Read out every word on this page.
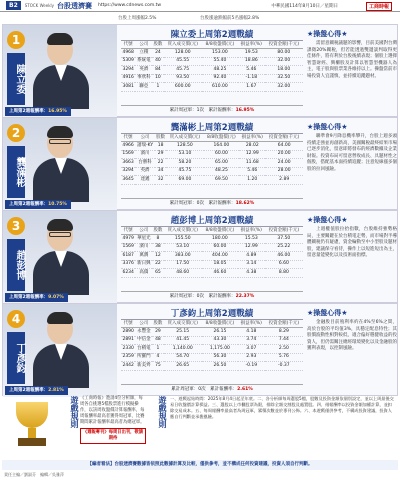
B2	STOCK Weekly 台股透濟賽 https://www.cdnews.com.tw	中華民國114年8月10日／星期日	工商時報
台股上周漲幅2.5%	台股漲逾跌幅前5名漲幅2.8%
1
陳立委
上周第2週報酬率：16.95%
陳立委上周第2週戰績
代號	公司	股數	買入成交價(元)	8/8收盤價(元)	損益率(%)	投資金額(千元)
4968	立積	24	128.00	153.00	19.53	80.00
5309	系統電	40	45.55	55.40	18.86	32.00
3294	英濟	84	45.75	48.25	5.46	18.00
4916	事欣科	10	93.50	92.40	-1.18	32.50
3081	聯亞	1	600.00	610.00	1.67	32.00
累計周冠軍：1次　 累計報酬率：16.95%
★操盤心得★

需留意關稅議題的影響，目前美國對台灣課徵20%關稅，但若能透過雙邊談判取得更佳條件，將有利於台股後續表現；個股上選擇智慧財經、興櫃股及計算以智慧型機器人為主，電子股與股票業各維持以上。操盤當前市場投資人宜謹慎，並持續追蹤題材。

2
龔滿彬
上周第2週報酬率：10.75%
龔滿彬上周第2週戰績
代號	公司	股數	買入成交價(元)	8/8收盤價(元)	損益率(%)	投資金額(千元)
4966	譜瑞-KY	18	128.50	164.00	28.02	64.00
1569	濱川	29	53.10	60.00	12.99	20.00
3663	台勝科	22	58.20	65.00	11.68	24.00
3294	英濟	34	45.75	48.25	5.46	28.00
3645	達邁	32	69.00	69.50	1.20	2.89
累計周冠軍：0次　 累計報酬率：18.62%
★操盤心得★

聯準會9月降息機率攀升，台股上週多頭持續走強並再創新高，美國關稅最終結果市場已逐步消化，留意即將發布的經濟數據及企業財報。投資布局可留意營收成長、具題材性之個股，搭配基本面持續追蹤；注意短線漲多個股的拉回風險。

3
趙彭博
上周第2週報酬率：9.07%
趙彭博上周第2週戰績
代號	公司	股數	買入成交價(元)	8/8收盤價(元)	損益率(%)	投資金額(千元)
4979	華星光	8	155.50	180.00	15.53	37.50
1569	濱川	38	53.10	60.00	12.99	25.22
6187	萬潤	12	383.00	404.00	4.89	46.00
3376	新日興	22	17.50	18.05	3.14	6.60
6234	高僑	65	48.60	46.60	4.38	8.80
累計周冠軍：0次　 累計報酬率：22.37%
★操盤心得★

上週權值股拉抬指數，台股維持強勢格局，主要關鍵在於台積電走勢，而市場對半導體關稅仍有疑慮，資金輪動至中小型股及題材股，建議保守看待，操作上以短進短出為主，留意量能變化以及技術面指標。

4
丁彥鈞
上周第2週報酬率：2.81%
丁彥鈞上周第2週戰績
代號	公司	股數	買入成交價(元)	8/8收盤價(元)	損益率(%)	投資金額(千元)
2890	永豐金	29	25.15	26.15	4.18	8.29
2891	中信金	48	41.45	43.30	3.74	7.44
2330	台積電	1	1,140.00	1,175.00	3.07	2.50
2359	所羅門	4	54.70	56.30	2.93	5.76
2442	新美齊	75	26.65	26.50	-0.19	-0.37
累計周冠軍：0次　 累計報酬率：2.61%
★操盤心得★

金融股目前殖利率約在4%至6%之間，高於台股的平均值3%，具穩定配息特性；其股價波動性相對較低，適合偏好穩健收益的投資人，但仍需關注總經環境變化以及金融股的獲利表現，以控制風險。

遊戲規則 《工商時報》邀請4位分析師，每周各自挑選5檔股票進行模擬操作，以該周收盤價計算報酬率，每周報酬率最高者獲得周冠軍，比賽期間累計報酬率最高者為總冠軍。
《週報專刊》每周日出刊，敬請期待
遊戲規則 一、遊戲起始時間：2025年8月4日起至年底。二、各分析師每周選股5檔，股數及投資金額依個別設定，並以上周最後交易日收盤價計算損益。三、選股以上市櫃股票為限，排除全額交割股及處置股。四、週報酬率以投資金額加權計算，並扣除交易成本。五、每周報酬率最高者為周冠軍，累積次數並於專刊公佈。六、本遊戲僅供參考，不構成投資建議，投資人應自行判斷並承擔風險。
【編者看法】台股透濟賽數據皆依照此數據計算及比較，僅供參考，並不構成任何投資建議，投資人須自行判斷。
責任主編／劉淑芬　編輯／吳雅萍
